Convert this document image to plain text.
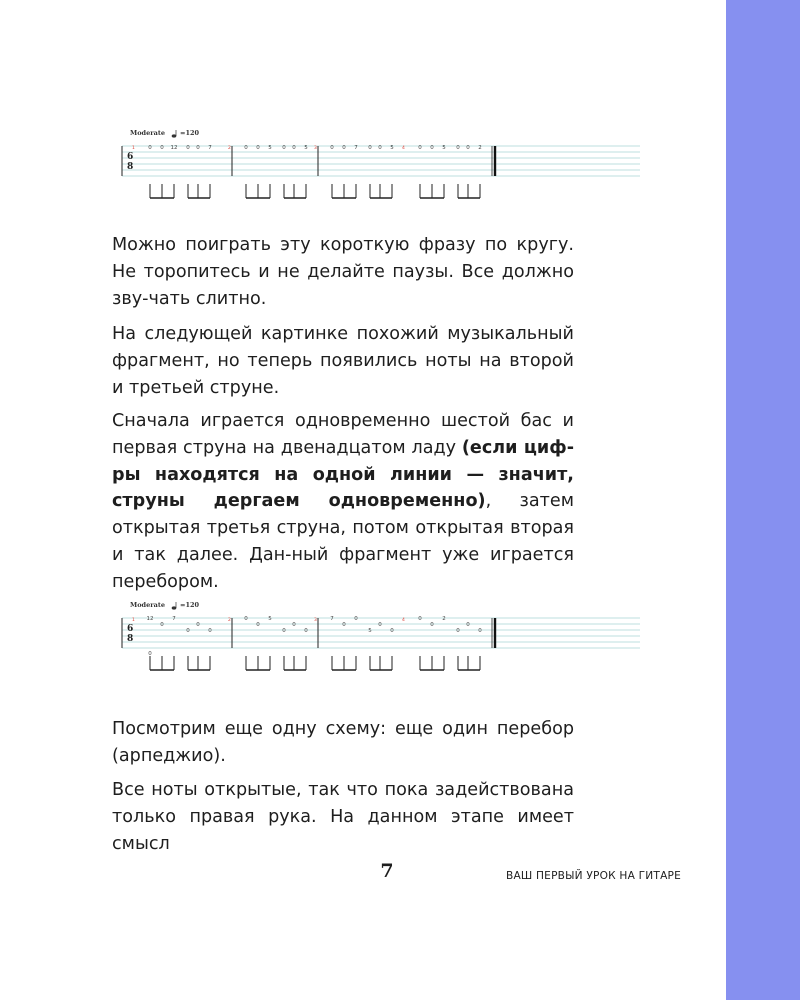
Moderate =120
6
8
1 0 0 12 0 0 7	2 0 0 5 0 0 5 3 0 0 7 0 0 5 4 0 0 5 0 0 2

Можно поиграть эту короткую фразу по кругу. Не торопитесь и не делайте паузы. Все должно зву-чать слитно.

На следующей картинке похожий музыкальный фрагмент, но теперь появились ноты на второй и третьей струне.

Сначала играется одновременно шестой бас и первая струна на двенадцатом ладу (если циф-ры находятся на одной линии — значит, струны дергаем одновременно), затем открытая третья струна, потом открытая вторая и так далее. Дан-ный фрагмент уже играется перебором.

Moderate =120
6
8
1 12
0
7
0
0
0
2 0
0
5
0
0
0
3 7
0
0
5
0
0
4 0
0
2
0
0
0
0

Посмотрим еще одну схему: еще один перебор (арпеджио).

Все ноты открытые, так что пока задействована только правая рука. На данном этапе имеет смысл

7	ВАШ ПЕРВЫЙ УРОК НА ГИТАРЕ
